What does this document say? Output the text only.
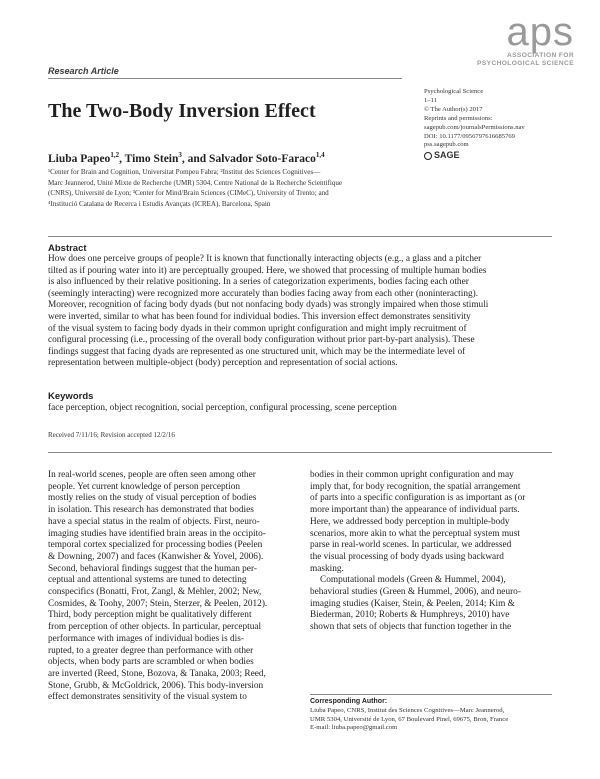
aps
ASSOCIATION FOR
PSYCHOLOGICAL SCIENCE
Research Article
Psychological Science
1–11
© The Author(s) 2017
Reprints and permissions:
sagepub.com/journalsPermissions.nav
DOI: 10.1177/0956797616685769
pss.sagepub.com
SAGE
The Two-Body Inversion Effect
Liuba Papeo$^{1,2}$, Timo Stein$^3$, and Salvador Soto-Faraco$^{1,4}$
¹Center for Brain and Cognition, Universitat Pompeu Fabra; ²Institut des Sciences Cognitives—
Marc Jeannerod, Unité Mixte de Recherche (UMR) 5304, Centre National de la Recherche Scientifique
(CNRS), Université de Lyon; ³Center for Mind/Brain Sciences (CIMeC), University of Trento; and
⁴Institució Catalana de Recerca i Estudis Avançats (ICREA), Barcelona, Spain
Abstract
How does one perceive groups of people? It is known that functionally interacting objects (e.g., a glass and a pitcher
tilted as if pouring water into it) are perceptually grouped. Here, we showed that processing of multiple human bodies
is also influenced by their relative positioning. In a series of categorization experiments, bodies facing each other
(seemingly interacting) were recognized more accurately than bodies facing away from each other (noninteracting).
Moreover, recognition of facing body dyads (but not nonfacing body dyads) was strongly impaired when those stimuli
were inverted, similar to what has been found for individual bodies. This inversion effect demonstrates sensitivity
of the visual system to facing body dyads in their common upright configuration and might imply recruitment of
configural processing (i.e., processing of the overall body configuration without prior part-by-part analysis). These
findings suggest that facing dyads are represented as one structured unit, which may be the intermediate level of
representation between multiple-object (body) perception and representation of social actions.
Keywords
face perception, object recognition, social perception, configural processing, scene perception
Received 7/11/16; Revision accepted 12/2/16
In real-world scenes, people are often seen among other
people. Yet current knowledge of person perception
mostly relies on the study of visual perception of bodies
in isolation. This research has demonstrated that bodies
have a special status in the realm of objects. First, neuro-
imaging studies have identified brain areas in the occipito-
temporal cortex specialized for processing bodies (Peelen
& Downing, 2007) and faces (Kanwisher & Yovel, 2006).
Second, behavioral findings suggest that the human per-
ceptual and attentional systems are tuned to detecting
conspecifics (Bonatti, Frot, Zangl, & Mehler, 2002; New,
Cosmides, & Toohy, 2007; Stein, Sterzer, & Peelen, 2012).
Third, body perception might be qualitatively different
from perception of other objects. In particular, perceptual
performance with images of individual bodies is dis-
rupted, to a greater degree than performance with other
objects, when body parts are scrambled or when bodies
are inverted (Reed, Stone, Bozova, & Tanaka, 2003; Reed,
Stone, Grubb, & McGoldrick, 2006). This body-inversion
effect demonstrates sensitivity of the visual system to
bodies in their common upright configuration and may
imply that, for body recognition, the spatial arrangement
of parts into a specific configuration is as important as (or
more important than) the appearance of individual parts.
Here, we addressed body perception in multiple-body
scenarios, more akin to what the perceptual system must
parse in real-world scenes. In particular, we addressed
the visual processing of body dyads using backward
masking.
Computational models (Green & Hummel, 2004),
behavioral studies (Green & Hummel, 2006), and neuro-
imaging studies (Kaiser, Stein, & Peelen, 2014; Kim &
Biederman, 2010; Roberts & Humphreys, 2010) have
shown that sets of objects that function together in the
Corresponding Author:
Liuba Papeo, CNRS, Institut des Sciences Cognitives—Marc Jeannerod,
UMR 5304, Université de Lyon, 67 Boulevard Pinel, 69675, Bron, France
E-mail: liuba.papeo@gmail.com
